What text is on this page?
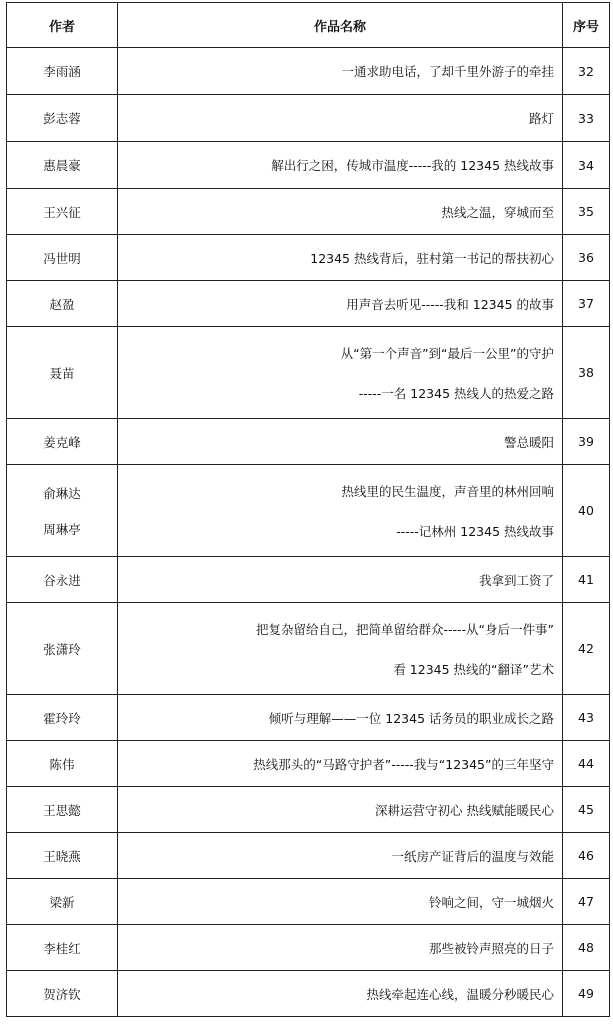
序号	作品名称	作者

32	一通求助电话，了却千里外游子的牵挂	李雨涵

33	路灯	彭志蓉

34	解出行之困，传城市温度-----我的 12345 热线故事	惠晨豪

35	热线之温，穿城而至	王兴征

36	12345 热线背后，驻村第一书记的帮扶初心	冯世明

37	用声音去听见-----我和 12345 的故事	赵盈

38	从“第一个声音”到“最后一公里”的守护
-----一名 12345 热线人的热爱之路	聂苗

39	警总暖阳	姜克峰

40	热线里的民生温度，声音里的林州回响
-----记林州 12345 热线故事	俞琳达
周琳亭

41	我拿到工资了	谷永进

42	把复杂留给自己，把简单留给群众-----从“身后一件事”
看 12345 热线的“翻译”艺术	张潇玲

43	倾听与理解——一位 12345 话务员的职业成长之路	霍玲玲

44	热线那头的“马路守护者”-----我与“12345”的三年坚守	陈伟

45	深耕运营守初心 热线赋能暖民心	王思懿

46	一纸房产证背后的温度与效能	王晓燕

47	铃响之间，守一城烟火	梁新

48	那些被铃声照亮的日子	李桂红

49	热线牵起连心线，温暖分秒暖民心	贺济钦
